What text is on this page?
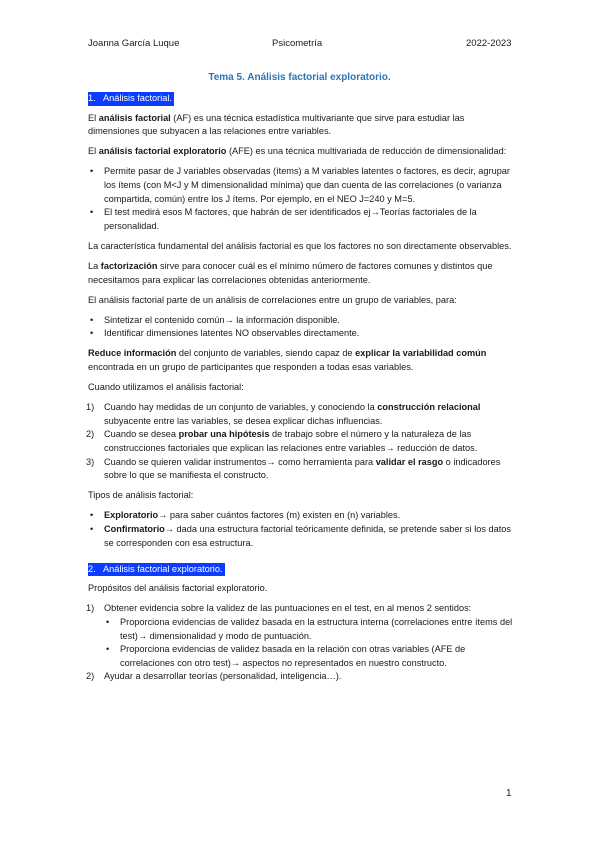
Joanna García Luque	Psicometría	2022-2023
Tema 5. Análisis factorial exploratorio.
1. Análisis factorial.

El análisis factorial (AF) es una técnica estadística multivariante que sirve para estudiar las dimensiones que subyacen a las relaciones entre variables.

El análisis factorial exploratorio (AFE) es una técnica multivariada de reducción de dimensionalidad:

• Permite pasar de J variables observadas (ítems) a M variables latentes o factores, es decir, agrupar los ítems (con M<J y M dimensionalidad mínima) que dan cuenta de las correlaciones (o varianza compartida, común) entre los J ítems. Por ejemplo, en el NEO J=240 y M=5.
• El test medirá esos M factores, que habrán de ser identificados ej→Teorías factoriales de la personalidad.

La característica fundamental del análisis factorial es que los factores no son directamente observables.

La factorización sirve para conocer cuál es el mínimo número de factores comunes y distintos que necesitamos para explicar las correlaciones obtenidas anteriormente.

El análisis factorial parte de un análisis de correlaciones entre un grupo de variables, para:

• Sintetizar el contenido común→ la información disponible.
• Identificar dimensiones latentes NO observables directamente.

Reduce información del conjunto de variables, siendo capaz de explicar la variabilidad común encontrada en un grupo de participantes que responden a todas esas variables.

Cuando utilizamos el análisis factorial:

1) Cuando hay medidas de un conjunto de variables, y conociendo la construcción relacional subyacente entre las variables, se desea explicar dichas influencias.
2) Cuando se desea probar una hipótesis de trabajo sobre el número y la naturaleza de las construcciones factoriales que explican las relaciones entre variables→ reducción de datos.
3) Cuando se quieren validar instrumentos→ como herramienta para validar el rasgo o indicadores sobre lo que se manifiesta el constructo.

Tipos de análisis factorial:

• Exploratorio→ para saber cuántos factores (m) existen en (n) variables.
• Confirmatorio→ dada una estructura factorial teóricamente definida, se pretende saber si los datos se corresponden con esa estructura.
2. Análisis factorial exploratorio.

Propósitos del análisis factorial exploratorio.

1) Obtener evidencia sobre la validez de las puntuaciones en el test, en al menos 2 sentidos:
• Proporciona evidencias de validez basada en la estructura interna (correlaciones entre ítems del test)→ dimensionalidad y modo de puntuación.
• Proporciona evidencias de validez basada en la relación con otras variables (AFE de correlaciones con otro test)→ aspectos no representados en nuestro constructo.
2) Ayudar a desarrollar teorías (personalidad, inteligencia…).
1
